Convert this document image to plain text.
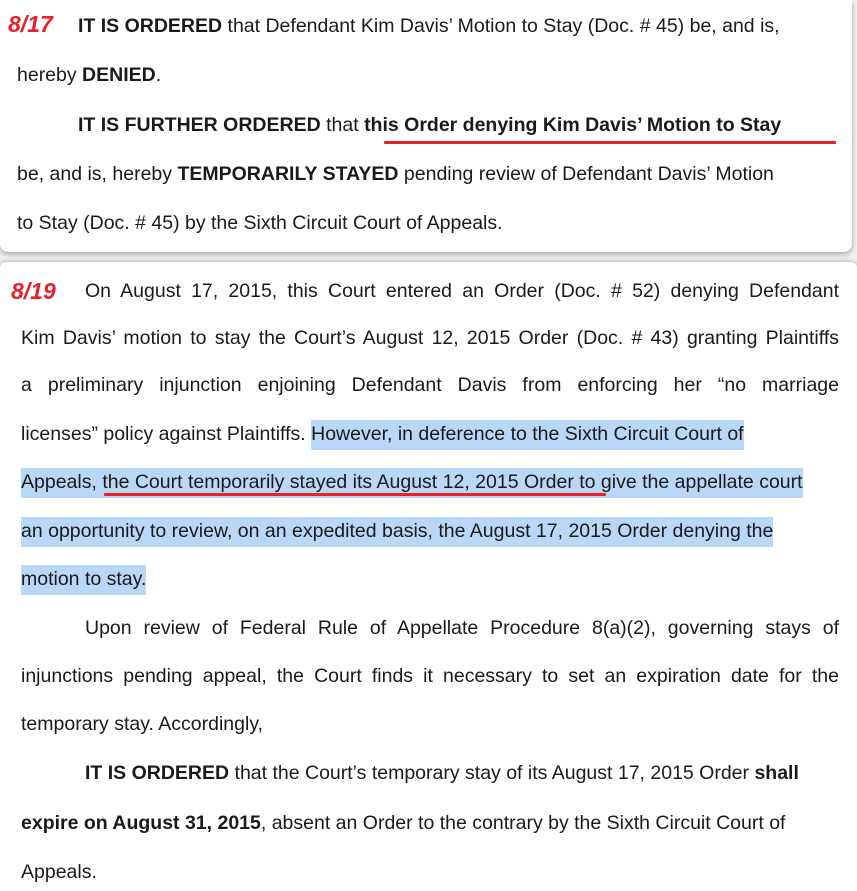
8/17 IT IS ORDERED that Defendant Kim Davis’ Motion to Stay (Doc. # 45) be, and is,
hereby DENIED.
IT IS FURTHER ORDERED that this Order denying Kim Davis’ Motion to Stay
be, and is, hereby TEMPORARILY STAYED pending review of Defendant Davis’ Motion
to Stay (Doc. # 45) by the Sixth Circuit Court of Appeals.
8/19 On August 17, 2015, this Court entered an Order (Doc. # 52) denying Defendant
Kim Davis’ motion to stay the Court’s August 12, 2015 Order (Doc. # 43) granting Plaintiffs
a preliminary injunction enjoining Defendant Davis from enforcing her “no marriage
licenses” policy against Plaintiffs. However, in deference to the Sixth Circuit Court of
Appeals, the Court temporarily stayed its August 12, 2015 Order to give the appellate court
an opportunity to review, on an expedited basis, the August 17, 2015 Order denying the
motion to stay.
Upon review of Federal Rule of Appellate Procedure 8(a)(2), governing stays of
injunctions pending appeal, the Court finds it necessary to set an expiration date for the
temporary stay. Accordingly,
IT IS ORDERED that the Court’s temporary stay of its August 17, 2015 Order shall
expire on August 31, 2015, absent an Order to the contrary by the Sixth Circuit Court of
Appeals.
